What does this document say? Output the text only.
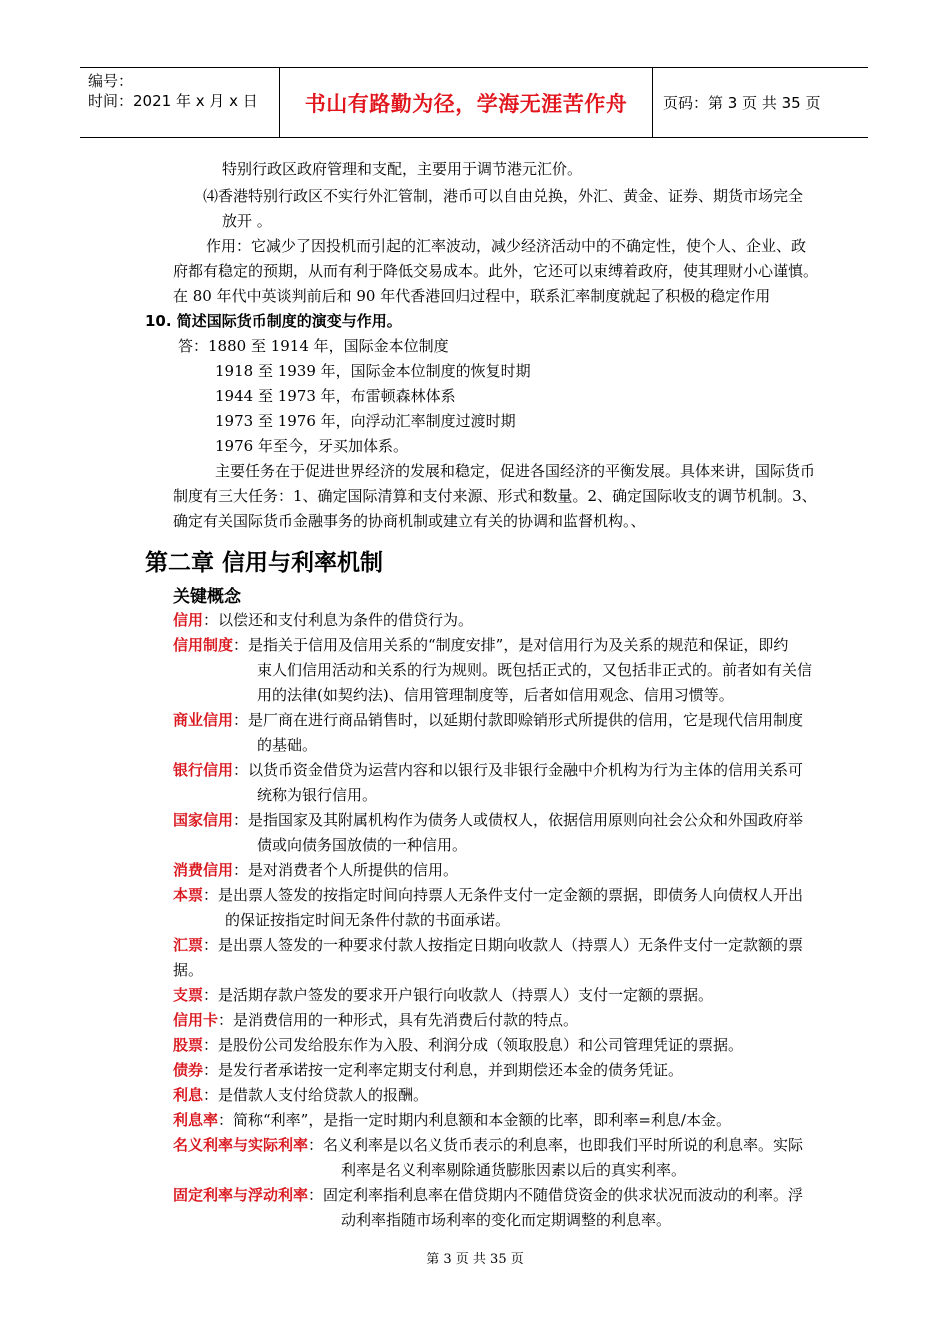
编号：
时间：2021 年 x 月 x 日	书山有路勤为径，学海无涯苦作舟	页码：第 3 页 共 35 页
特别行政区政府管理和支配，主要用于调节港元汇价。
⑷香港特别行政区不实行外汇管制，港币可以自由兑换，外汇、黄金、证券、期货市场完全
放开 。
作用：它减少了因投机而引起的汇率波动，减少经济活动中的不确定性，使个人、企业、政
府都有稳定的预期，从而有利于降低交易成本。此外，它还可以束缚着政府，使其理财小心谨慎。
在 80 年代中英谈判前后和 90 年代香港回归过程中，联系汇率制度就起了积极的稳定作用
10. 简述国际货币制度的演变与作用。
答：1880 至 1914 年，国际金本位制度
1918 至 1939 年，国际金本位制度的恢复时期
1944 至 1973 年，布雷顿森林体系
1973 至 1976 年，向浮动汇率制度过渡时期
1976 年至今，牙买加体系。
主要任务在于促进世界经济的发展和稳定，促进各国经济的平衡发展。具体来讲，国际货币
制度有三大任务：1、确定国际清算和支付来源、形式和数量。2、确定国际收支的调节机制。3、
确定有关国际货币金融事务的协商机制或建立有关的协调和监督机构。、
第二章 信用与利率机制
关键概念
信用：以偿还和支付利息为条件的借贷行为。
信用制度：是指关于信用及信用关系的“制度安排”，是对信用行为及关系的规范和保证，即约
束人们信用活动和关系的行为规则。既包括正式的，又包括非正式的。前者如有关信
用的法律(如契约法)、信用管理制度等，后者如信用观念、信用习惯等。
商业信用：是厂商在进行商品销售时，以延期付款即赊销形式所提供的信用，它是现代信用制度
的基础。
银行信用：以货币资金借贷为运营内容和以银行及非银行金融中介机构为行为主体的信用关系可
统称为银行信用。
国家信用：是指国家及其附属机构作为债务人或债权人，依据信用原则向社会公众和外国政府举
债或向债务国放债的一种信用。
消费信用：是对消费者个人所提供的信用。
本票：是出票人签发的按指定时间向持票人无条件支付一定金额的票据，即债务人向债权人开出
的保证按指定时间无条件付款的书面承诺。
汇票：是出票人签发的一种要求付款人按指定日期向收款人（持票人）无条件支付一定款额的票
据。
支票：是活期存款户签发的要求开户银行向收款人（持票人）支付一定额的票据。
信用卡：是消费信用的一种形式，具有先消费后付款的特点。
股票：是股份公司发给股东作为入股、利润分成（领取股息）和公司管理凭证的票据。
债券：是发行者承诺按一定利率定期支付利息，并到期偿还本金的债务凭证。
利息：是借款人支付给贷款人的报酬。
利息率：简称“利率”，是指一定时期内利息额和本金额的比率，即利率=利息/本金。
名义利率与实际利率：名义利率是以名义货币表示的利息率，也即我们平时所说的利息率。实际
利率是名义利率剔除通货膨胀因素以后的真实利率。
固定利率与浮动利率：固定利率指利息率在借贷期内不随借贷资金的供求状况而波动的利率。浮
动利率指随市场利率的变化而定期调整的利息率。
第 3 页 共 35 页
